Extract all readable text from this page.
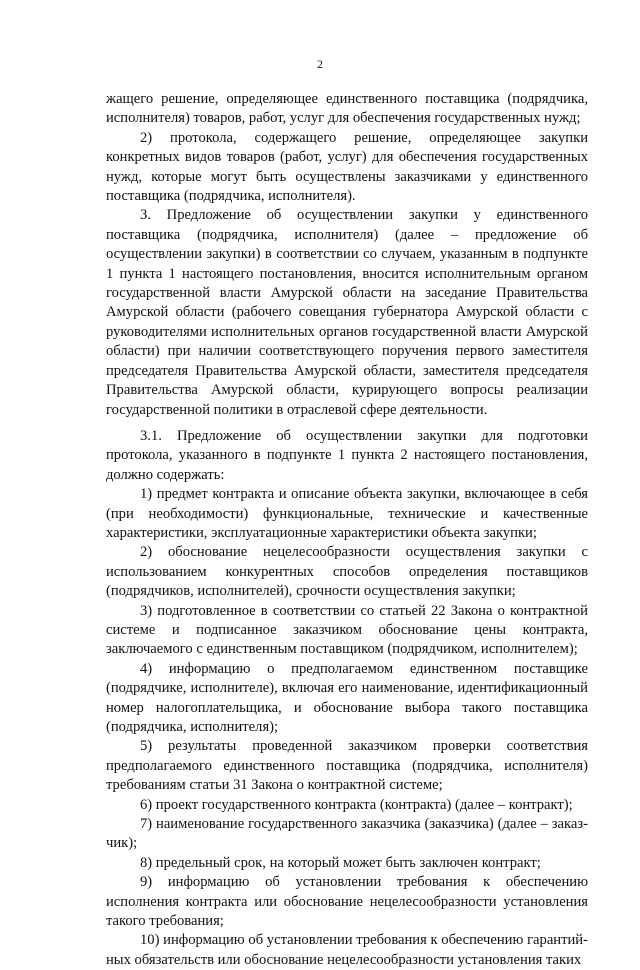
2

жащего решение, определяющее единственного поставщика (подрядчика, исполнителя) товаров, работ, услуг для обеспечения государственных нужд;

2) протокола, содержащего решение, определяющее закупки конкретных видов товаров (работ, услуг) для обеспечения государственных нужд, которые могут быть осуществлены заказчиками у единственного поставщика (подрядчика, исполнителя).

3. Предложение об осуществлении закупки у единственного поставщика (подрядчика, исполнителя) (далее – предложение об осуществлении закупки) в соответствии со случаем, указанным в подпункте 1 пункта 1 настоящего постановления, вносится исполнительным органом государственной власти Амурской области на заседание Правительства Амурской области (рабочего совещания губернатора Амурской области с руководителями исполнительных органов государственной власти Амурской области) при наличии соответствующего поручения первого заместителя председателя Правительства Амурской области, заместителя председателя Правительства Амурской области, курирующего вопросы реализации государственной политики в отраслевой сфере деятельности.

3.1. Предложение об осуществлении закупки для подготовки протокола, указанного в подпункте 1 пункта 2 настоящего постановления, должно содержать:

1) предмет контракта и описание объекта закупки, включающее в себя (при необходимости) функциональные, технические и качественные характеристики, эксплуатационные характеристики объекта закупки;

2) обоснование нецелесообразности осуществления закупки с использованием конкурентных способов определения поставщиков (подрядчиков, исполнителей), срочности осуществления закупки;

3) подготовленное в соответствии со статьей 22 Закона о контрактной системе и подписанное заказчиком обоснование цены контракта, заключаемого с единственным поставщиком (подрядчиком, исполнителем);

4) информацию о предполагаемом единственном поставщике (подрядчике, исполнителе), включая его наименование, идентификационный номер налогоплательщика, и обоснование выбора такого поставщика (подрядчика, исполнителя);

5) результаты проведенной заказчиком проверки соответствия предполагаемого единственного поставщика (подрядчика, исполнителя) требованиям статьи 31 Закона о контрактной системе;

6) проект государственного контракта (контракта) (далее – контракт);

7) наименование государственного заказчика (заказчика) (далее – заказчик);

8) предельный срок, на который может быть заключен контракт;

9) информацию об установлении требования к обеспечению исполнения контракта или обоснование нецелесообразности установления такого требования;

10) информацию об установлении требования к обеспечению гарантийных обязательств или обоснование нецелесообразности установления таких
